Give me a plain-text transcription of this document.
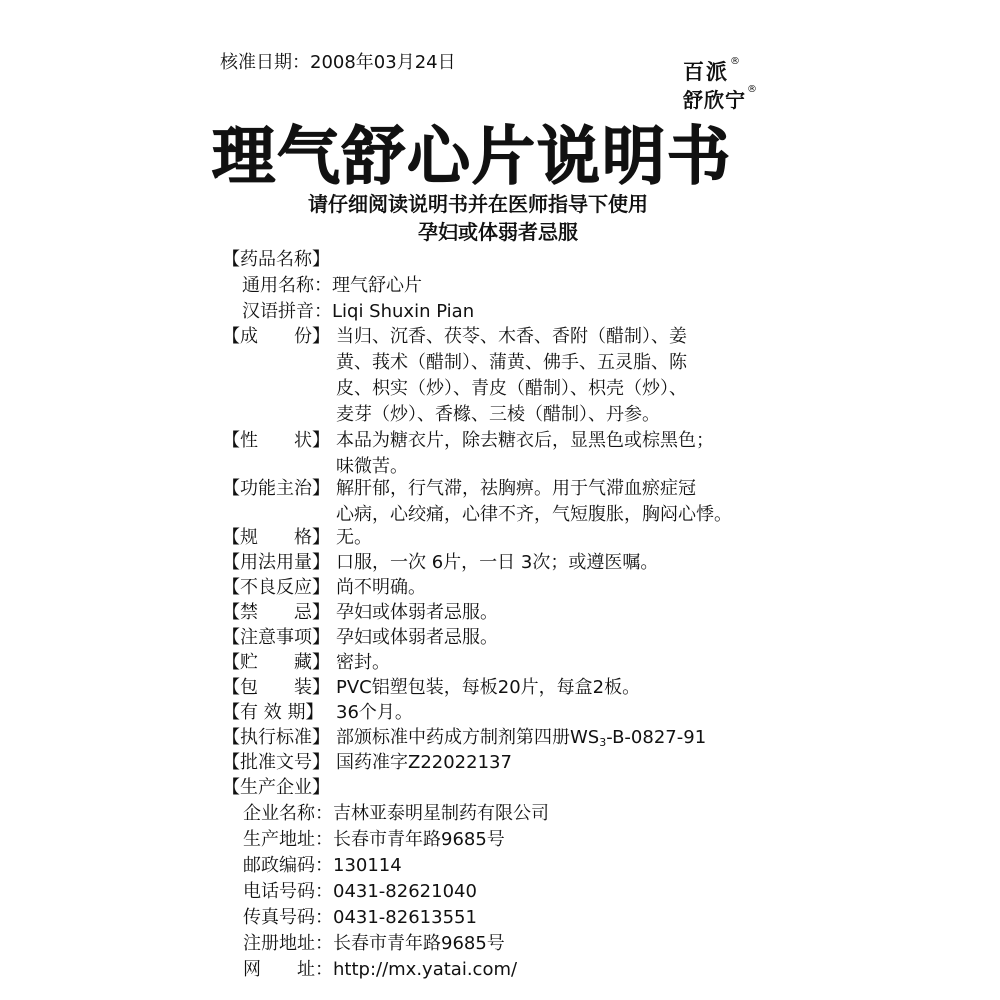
核准日期：2008年03月24日	百派®
舒欣宁®
理气舒心片说明书
请仔细阅读说明书并在医师指导下使用
孕妇或体弱者忌服
【药品名称】
通用名称：理气舒心片
汉语拼音：Liqi Shuxin Pian
【成　　份】 当归、沉香、茯苓、木香、香附（醋制）、姜
黄、莪术（醋制）、蒲黄、佛手、五灵脂、陈
皮、枳实（炒）、青皮（醋制）、枳壳（炒）、
麦芽（炒）、香橼、三棱（醋制）、丹参。
【性　　状】 本品为糖衣片，除去糖衣后，显黑色或棕黑色；
味微苦。
【功能主治】 解肝郁，行气滞，祛胸痹。用于气滞血瘀症冠
心病，心绞痛，心律不齐，气短腹胀，胸闷心悸。
【规　　格】 无。
【用法用量】 口服，一次 6片，一日 3次；或遵医嘱。
【不良反应】 尚不明确。
【禁　　忌】 孕妇或体弱者忌服。
【注意事项】 孕妇或体弱者忌服。
【贮　　藏】 密封。
【包　　装】 PVC铝塑包装，每板20片，每盒2板。
【有 效 期】 36个月。
【执行标准】 部颁标准中药成方制剂第四册WS3-B-0827-91
【批准文号】 国药准字Z22022137
【生产企业】
企业名称：吉林亚泰明星制药有限公司
生产地址：长春市青年路9685号
邮政编码：130114
电话号码：0431-82621040
传真号码：0431-82613551
注册地址：长春市青年路9685号
网　　址：http://mx.yatai.com/
